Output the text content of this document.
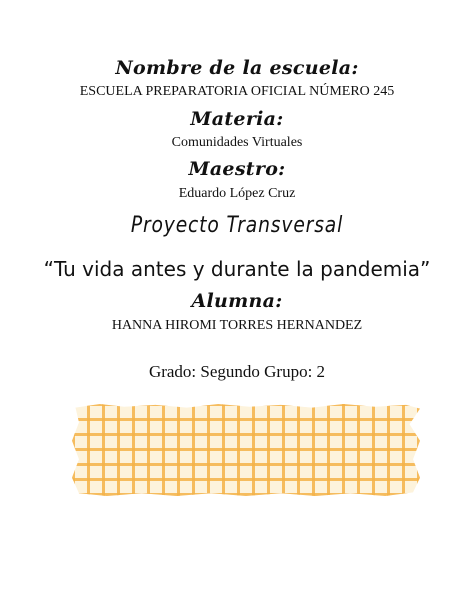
Nombre de la escuela:
ESCUELA PREPARATORIA OFICIAL NÚMERO 245
Materia:
Comunidades Virtuales
Maestro:
Eduardo López Cruz
Proyecto Transversal
“Tu vida antes y durante la pandemia”
Alumna:
HANNA HIROMI TORRES HERNANDEZ
Grado: Segundo Grupo: 2
